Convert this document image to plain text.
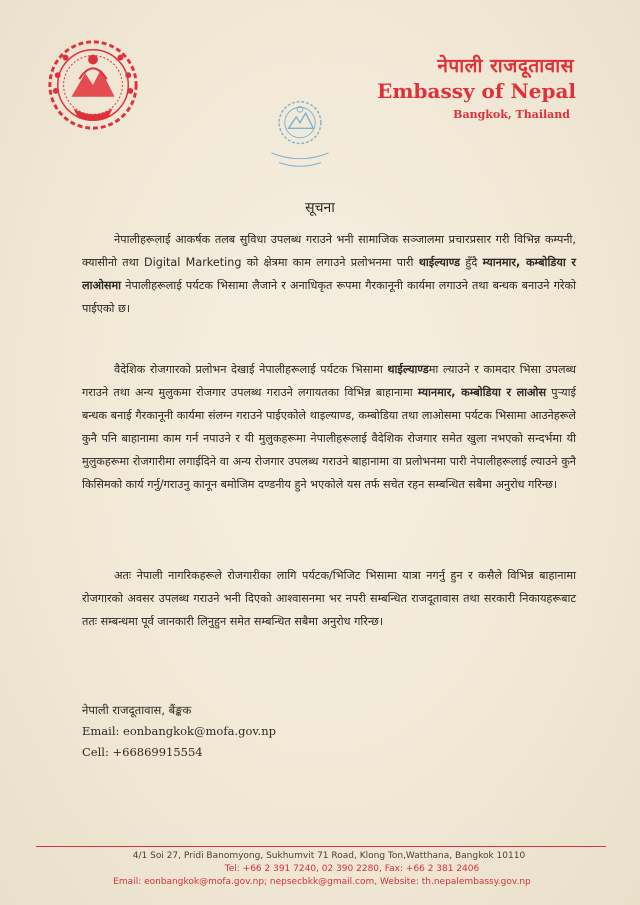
नेपाली राजदूतावास
Embassy of Nepal
Bangkok, Thailand
सूचना
नेपालीहरूलाई आकर्षक तलब सुविधा उपलब्ध गराउने भनी सामाजिक सञ्जालमा प्रचारप्रसार गरी विभिन्न कम्पनी, क्यासीनो तथा Digital Marketing को क्षेत्रमा काम लगाउने प्रलोभनमा पारी थाईल्याण्ड हुँदै म्यानमार, कम्बोडिया र लाओसमा नेपालीहरूलाई पर्यटक भिसामा लैजाने र अनाधिकृत रूपमा गैरकानूनी कार्यमा लगाउने तथा बन्धक बनाउने गरेको पाईएको छ।
वैदेशिक रोजगारको प्रलोभन देखाई नेपालीहरूलाई पर्यटक भिसामा थाईल्याण्डमा ल्याउने र कामदार भिसा उपलब्ध गराउने तथा अन्य मुलुकमा रोजगार उपलब्ध गराउने लगायतका विभिन्न बाहानामा म्यानमार, कम्बोडिया र लाओस पुऱ्याई बन्धक बनाई गैरकानूनी कार्यमा संलग्न गराउने पाईएकोले थाइल्याण्ड, कम्बोडिया तथा लाओसमा पर्यटक भिसामा आउनेहरूले कुनै पनि बाहानामा काम गर्न नपाउने र यी मुलुकहरूमा नेपालीहरूलाई वैदेशिक रोजगार समेत खुला नभएको सन्दर्भमा यी मुलुकहरूमा रोजगारीमा लगाईदिने वा अन्य रोजगार उपलब्ध गराउने बाहानामा वा प्रलोभनमा पारी नेपालीहरूलाई ल्याउने कुनै किसिमको कार्य गर्नु/गराउनु कानून बमोजिम दण्डनीय हुने भएकोले यस तर्फ सचेत रहन सम्बन्धित सबैमा अनुरोध गरिन्छ।
अतः नेपाली नागरिकहरूले रोजगारीका लागि पर्यटक/भिजिट भिसामा यात्रा नगर्नु हुन र कसैले विभिन्न बाहानामा रोजगारको अवसर उपलब्ध गराउने भनी दिएको आश्वासनमा भर नपरी सम्बन्धित राजदूतावास तथा सरकारी निकायहरूबाट ततः सम्बन्धमा पूर्व जानकारी लिनुहुन समेत सम्बन्धित सबैमा अनुरोध गरिन्छ।
नेपाली राजदूतावास, बैंङ्कक
Email: eonbangkok@mofa.gov.np
Cell: +66869915554
4/1 Soi 27, Pridi Banomyong, Sukhumvit 71 Road, Klong Ton,Watthana, Bangkok 10110
Tel: +66 2 391 7240, 02 390 2280, Fax: +66 2 381 2406
Email: eonbangkok@mofa.gov.np; nepsecbkk@gmail.com, Website: th.nepalembassy.gov.np
